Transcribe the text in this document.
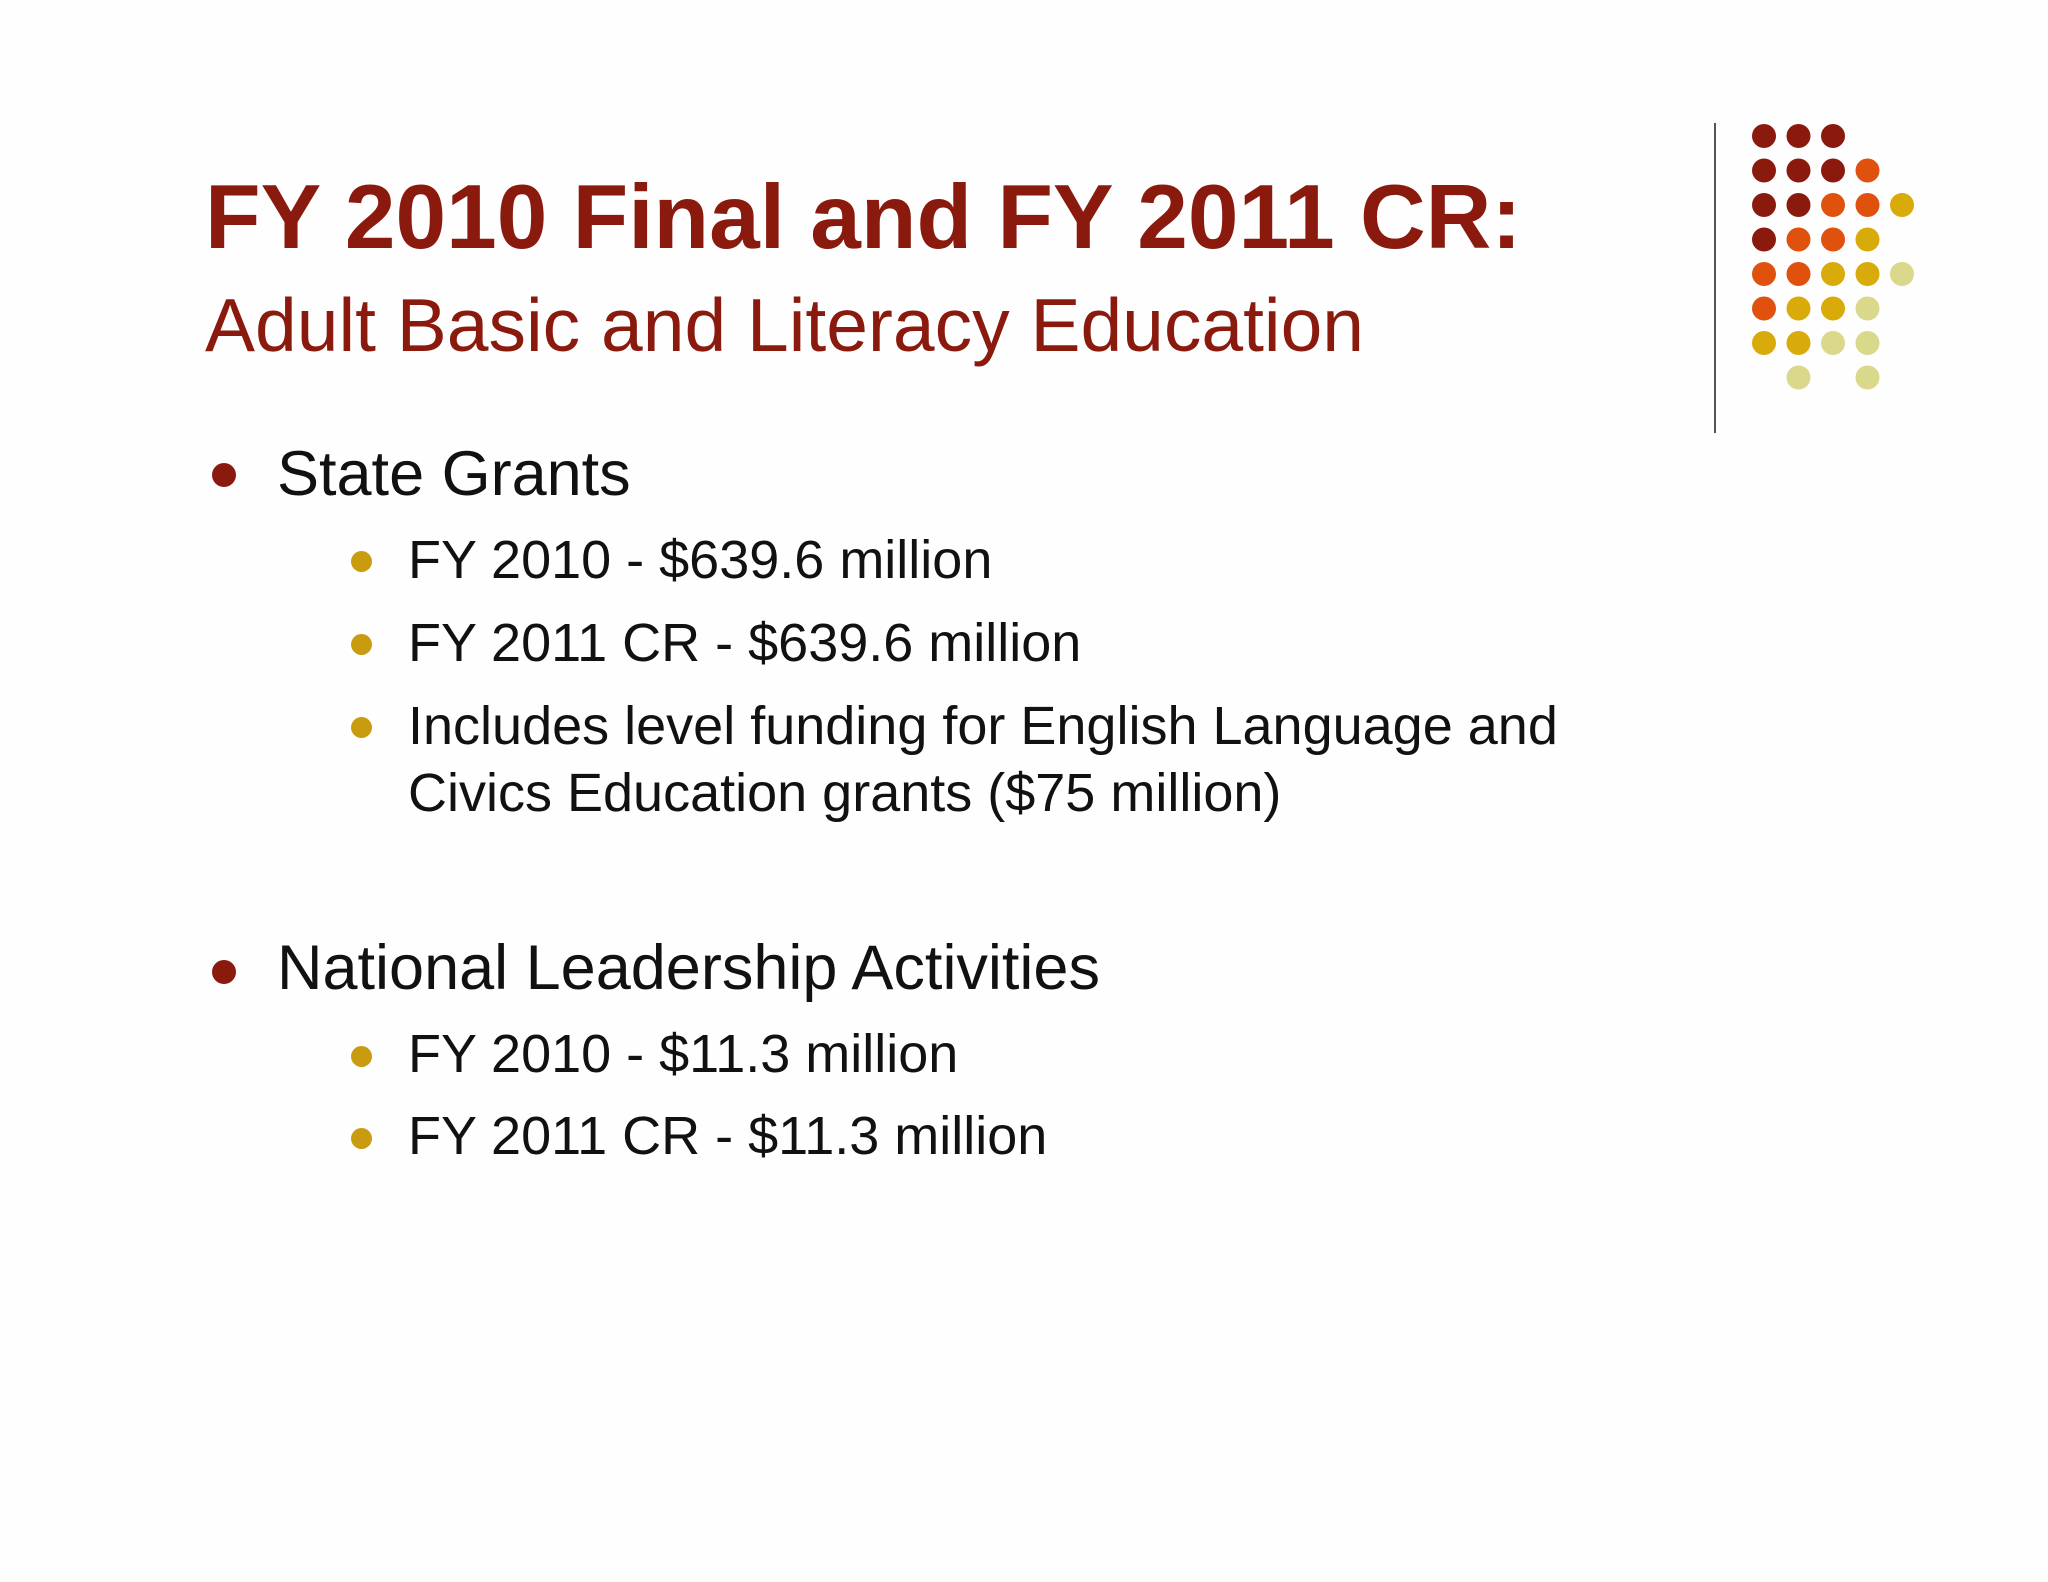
FY 2010 Final and FY 2011 CR:
Adult Basic and Literacy Education
State Grants
FY 2010 - $639.6 million
FY 2011 CR - $639.6 million
Includes level funding for English Language and
Civics Education grants ($75 million)
National Leadership Activities
FY 2010 - $11.3 million
FY 2011 CR - $11.3 million
